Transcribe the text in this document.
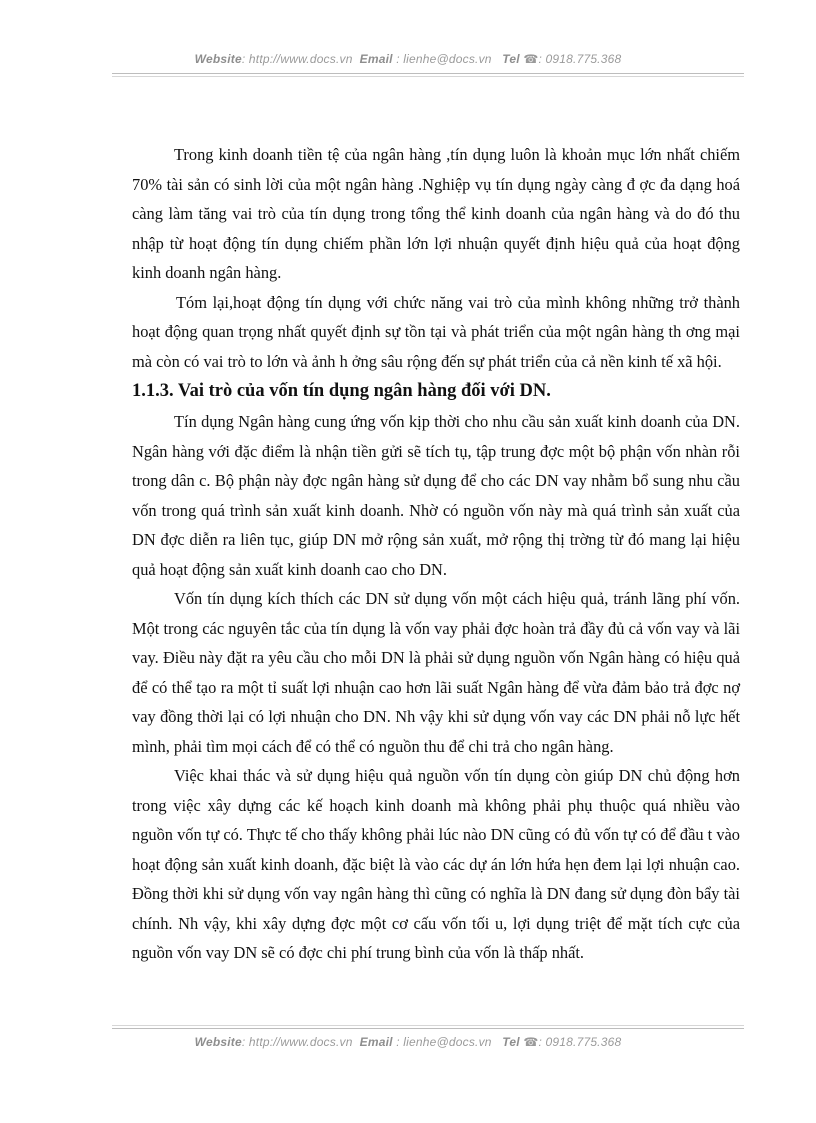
Website: http://www.docs.vn Email : lienhe@docs.vn Tel ☎: 0918.775.368

Trong kinh doanh tiền tệ của ngân hàng ,tín dụng luôn là khoản mục lớn nhất chiếm 70% tài sản có sinh lời của một ngân hàng .Nghiệp vụ tín dụng ngày càng đ ợc đa dạng hoá càng làm tăng vai trò của tín dụng trong tổng thể kinh doanh của ngân hàng và do đó thu nhập từ hoạt động tín dụng chiếm phần lớn lợi nhuận quyết định hiệu quả của hoạt động kinh doanh ngân hàng.

Tóm lại,hoạt động tín dụng với chức năng vai trò của mình không những trở thành hoạt động quan trọng nhất quyết định sự tồn tại và phát triển của một ngân hàng th ơng mại mà còn có vai trò to lớn và ảnh h ởng sâu rộng đến sự phát triển của cả nền kinh tế xã hội.

1.1.3. Vai trò của vốn tín dụng ngân hàng đối với DN.

Tín dụng Ngân hàng cung ứng vốn kịp thời cho nhu cầu sản xuất kinh doanh của DN. Ngân hàng với đặc điểm là nhận tiền gửi sẽ tích tụ, tập trung đợc một bộ phận vốn nhàn rỗi trong dân c. Bộ phận này đợc ngân hàng sử dụng để cho các DN vay nhằm bổ sung nhu cầu vốn trong quá trình sản xuất kinh doanh. Nhờ có nguồn vốn này mà quá trình sản xuất của DN đợc diễn ra liên tục, giúp DN mở rộng sản xuất, mở rộng thị trờng từ đó mang lại hiệu quả hoạt động sản xuất kinh doanh cao cho DN.

Vốn tín dụng kích thích các DN sử dụng vốn một cách hiệu quả, tránh lãng phí vốn. Một trong các nguyên tắc của tín dụng là vốn vay phải đợc hoàn trả đầy đủ cả vốn vay và lãi vay. Điều này đặt ra yêu cầu cho mỗi DN là phải sử dụng nguồn vốn Ngân hàng có hiệu quả để có thể tạo ra một tỉ suất lợi nhuận cao hơn lãi suất Ngân hàng để vừa đảm bảo trả đợc nợ vay đồng thời lại có lợi nhuận cho DN. Nh vậy khi sử dụng vốn vay các DN phải nỗ lực hết mình, phải tìm mọi cách để có thể có nguồn thu để chi trả cho ngân hàng.

Việc khai thác và sử dụng hiệu quả nguồn vốn tín dụng còn giúp DN chủ động hơn trong việc xây dựng các kế hoạch kinh doanh mà không phải phụ thuộc quá nhiều vào nguồn vốn tự có. Thực tế cho thấy không phải lúc nào DN cũng có đủ vốn tự có để đầu t vào hoạt động sản xuất kinh doanh, đặc biệt là vào các dự án lớn hứa hẹn đem lại lợi nhuận cao. Đồng thời khi sử dụng vốn vay ngân hàng thì cũng có nghĩa là DN đang sử dụng đòn bẩy tài chính. Nh vậy, khi xây dựng đợc một cơ cấu vốn tối u, lợi dụng triệt để mặt tích cực của nguồn vốn vay DN sẽ có đợc chi phí trung bình của vốn là thấp nhất.

Website: http://www.docs.vn Email : lienhe@docs.vn Tel ☎: 0918.775.368
